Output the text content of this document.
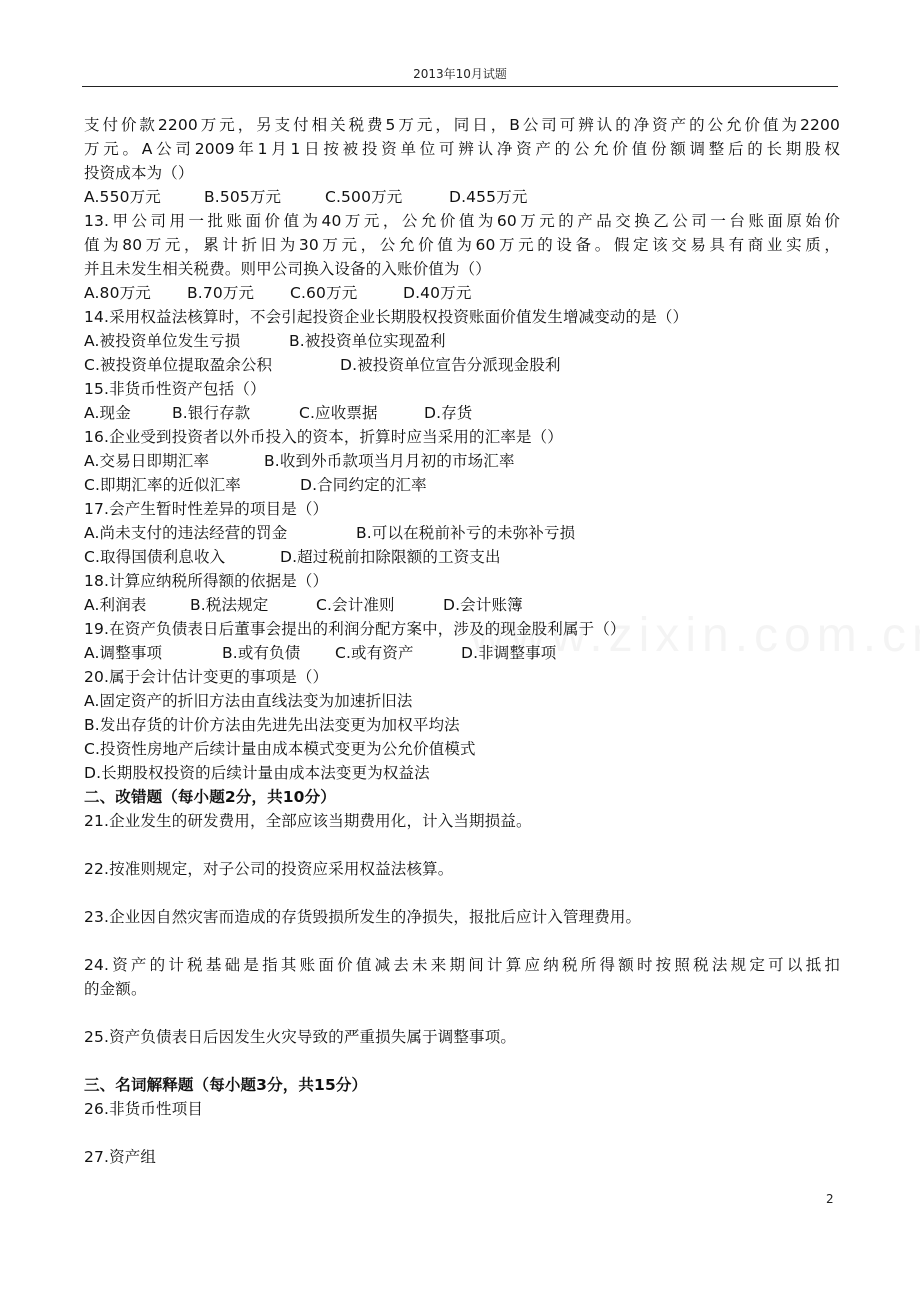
2013年10月试题
支付价款2200万元，另支付相关税费5万元，同日，B公司可辨认的净资产的公允价值为2200
万元。A公司2009年1月1日按被投资单位可辨认净资产的公允价值份额调整后的长期股权
投资成本为（）
A.550万元	B.505万元	C.500万元	D.455万元
13.甲公司用一批账面价值为40万元，公允价值为60万元的产品交换乙公司一台账面原始价
值为80万元，累计折旧为30万元，公允价值为60万元的设备。假定该交易具有商业实质，
并且未发生相关税费。则甲公司换入设备的入账价值为（）
A.80万元	B.70万元	C.60万元	D.40万元
14.采用权益法核算时，不会引起投资企业长期股权投资账面价值发生增减变动的是（）
A.被投资单位发生亏损	B.被投资单位实现盈利
C.被投资单位提取盈余公积	D.被投资单位宣告分派现金股利
15.非货币性资产包括（）
A.现金	B.银行存款	C.应收票据	D.存货
16.企业受到投资者以外币投入的资本，折算时应当采用的汇率是（）
A.交易日即期汇率	B.收到外币款项当月月初的市场汇率
C.即期汇率的近似汇率	D.合同约定的汇率
17.会产生暂时性差异的项目是（）
A.尚未支付的违法经营的罚金	B.可以在税前补亏的未弥补亏损
C.取得国债利息收入	D.超过税前扣除限额的工资支出
18.计算应纳税所得额的依据是（）
A.利润表	B.税法规定	C.会计准则	D.会计账簿
19.在资产负债表日后董事会提出的利润分配方案中，涉及的现金股利属于（）
A.调整事项	B.或有负债	C.或有资产	D.非调整事项
20.属于会计估计变更的事项是（）
A.固定资产的折旧方法由直线法变为加速折旧法
B.发出存货的计价方法由先进先出法变更为加权平均法
C.投资性房地产后续计量由成本模式变更为公允价值模式
D.长期股权投资的后续计量由成本法变更为权益法
二、改错题（每小题2分，共10分）
21.企业发生的研发费用，全部应该当期费用化，计入当期损益。
22.按准则规定，对子公司的投资应采用权益法核算。
23.企业因自然灾害而造成的存货毁损所发生的净损失，报批后应计入管理费用。
24.资产的计税基础是指其账面价值减去未来期间计算应纳税所得额时按照税法规定可以抵扣
的金额。
25.资产负债表日后因发生火灾导致的严重损失属于调整事项。
三、名词解释题（每小题3分，共15分）
26.非货币性项目
27.资产组
2
